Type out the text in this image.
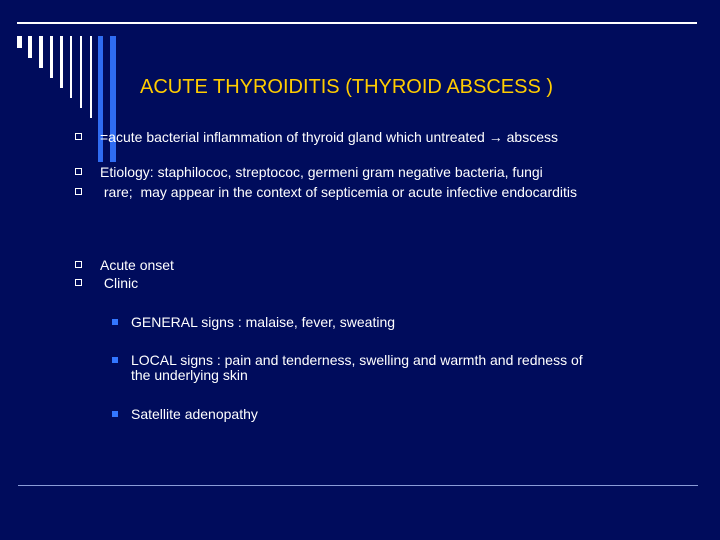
ACUTE THYROIDITIS (THYROID ABSCESS )
=acute bacterial inflammation of thyroid gland which untreated → abscess
Etiology: staphilococ, streptococ, germeni gram negative bacteria, fungi
rare;  may appear in the context of septicemia or acute infective endocarditis
Acute onset
Clinic
GENERAL signs : malaise, fever, sweating
LOCAL signs : pain and tenderness, swelling and warmth and redness of the underlying skin
Satellite adenopathy
